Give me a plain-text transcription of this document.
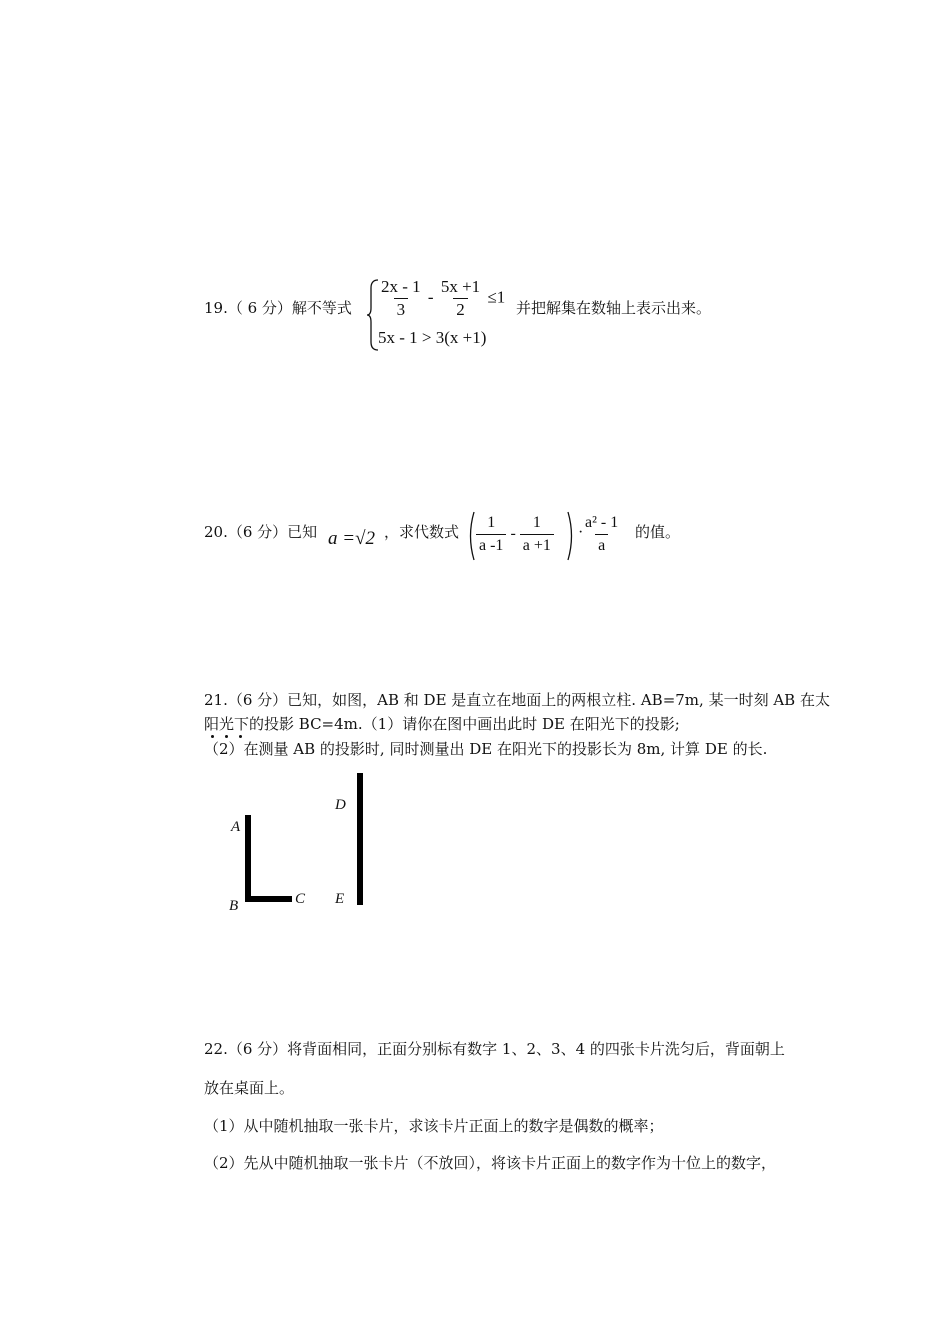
19.（ 6 分）解不等式 $\frac{2x - 1}{3} - \frac{5x +1}{2} \le 1$
5x - 1 > 3(x +1)
并把解集在数轴上表示出来。
20.（6 分）已知 a =√2 ，求代数式 $\frac{1}{a -1} - \frac{1}{a +1}$ ·
$\frac{\text{a² - 1}}{a}$ 的值。
21.（6 分）已知，如图，AB 和 DE 是直立在地面上的两根立柱. AB=7m, 某一时刻 AB 在太
阳光下的投影 BC=4m.（1）请你在图中画出此时 DE 在阳光下的投影;
（2）在测量 AB 的投影时, 同时测量出 DE 在阳光下的投影长为 8m, 计算 DE 的长.
A
B	C
D
E
22.（6 分）将背面相同，正面分别标有数字 1、2、3、4 的四张卡片洗匀后，背面朝上
放在桌面上。
（1）从中随机抽取一张卡片，求该卡片正面上的数字是偶数的概率；
（2）先从中随机抽取一张卡片（不放回），将该卡片正面上的数字作为十位上的数字，
